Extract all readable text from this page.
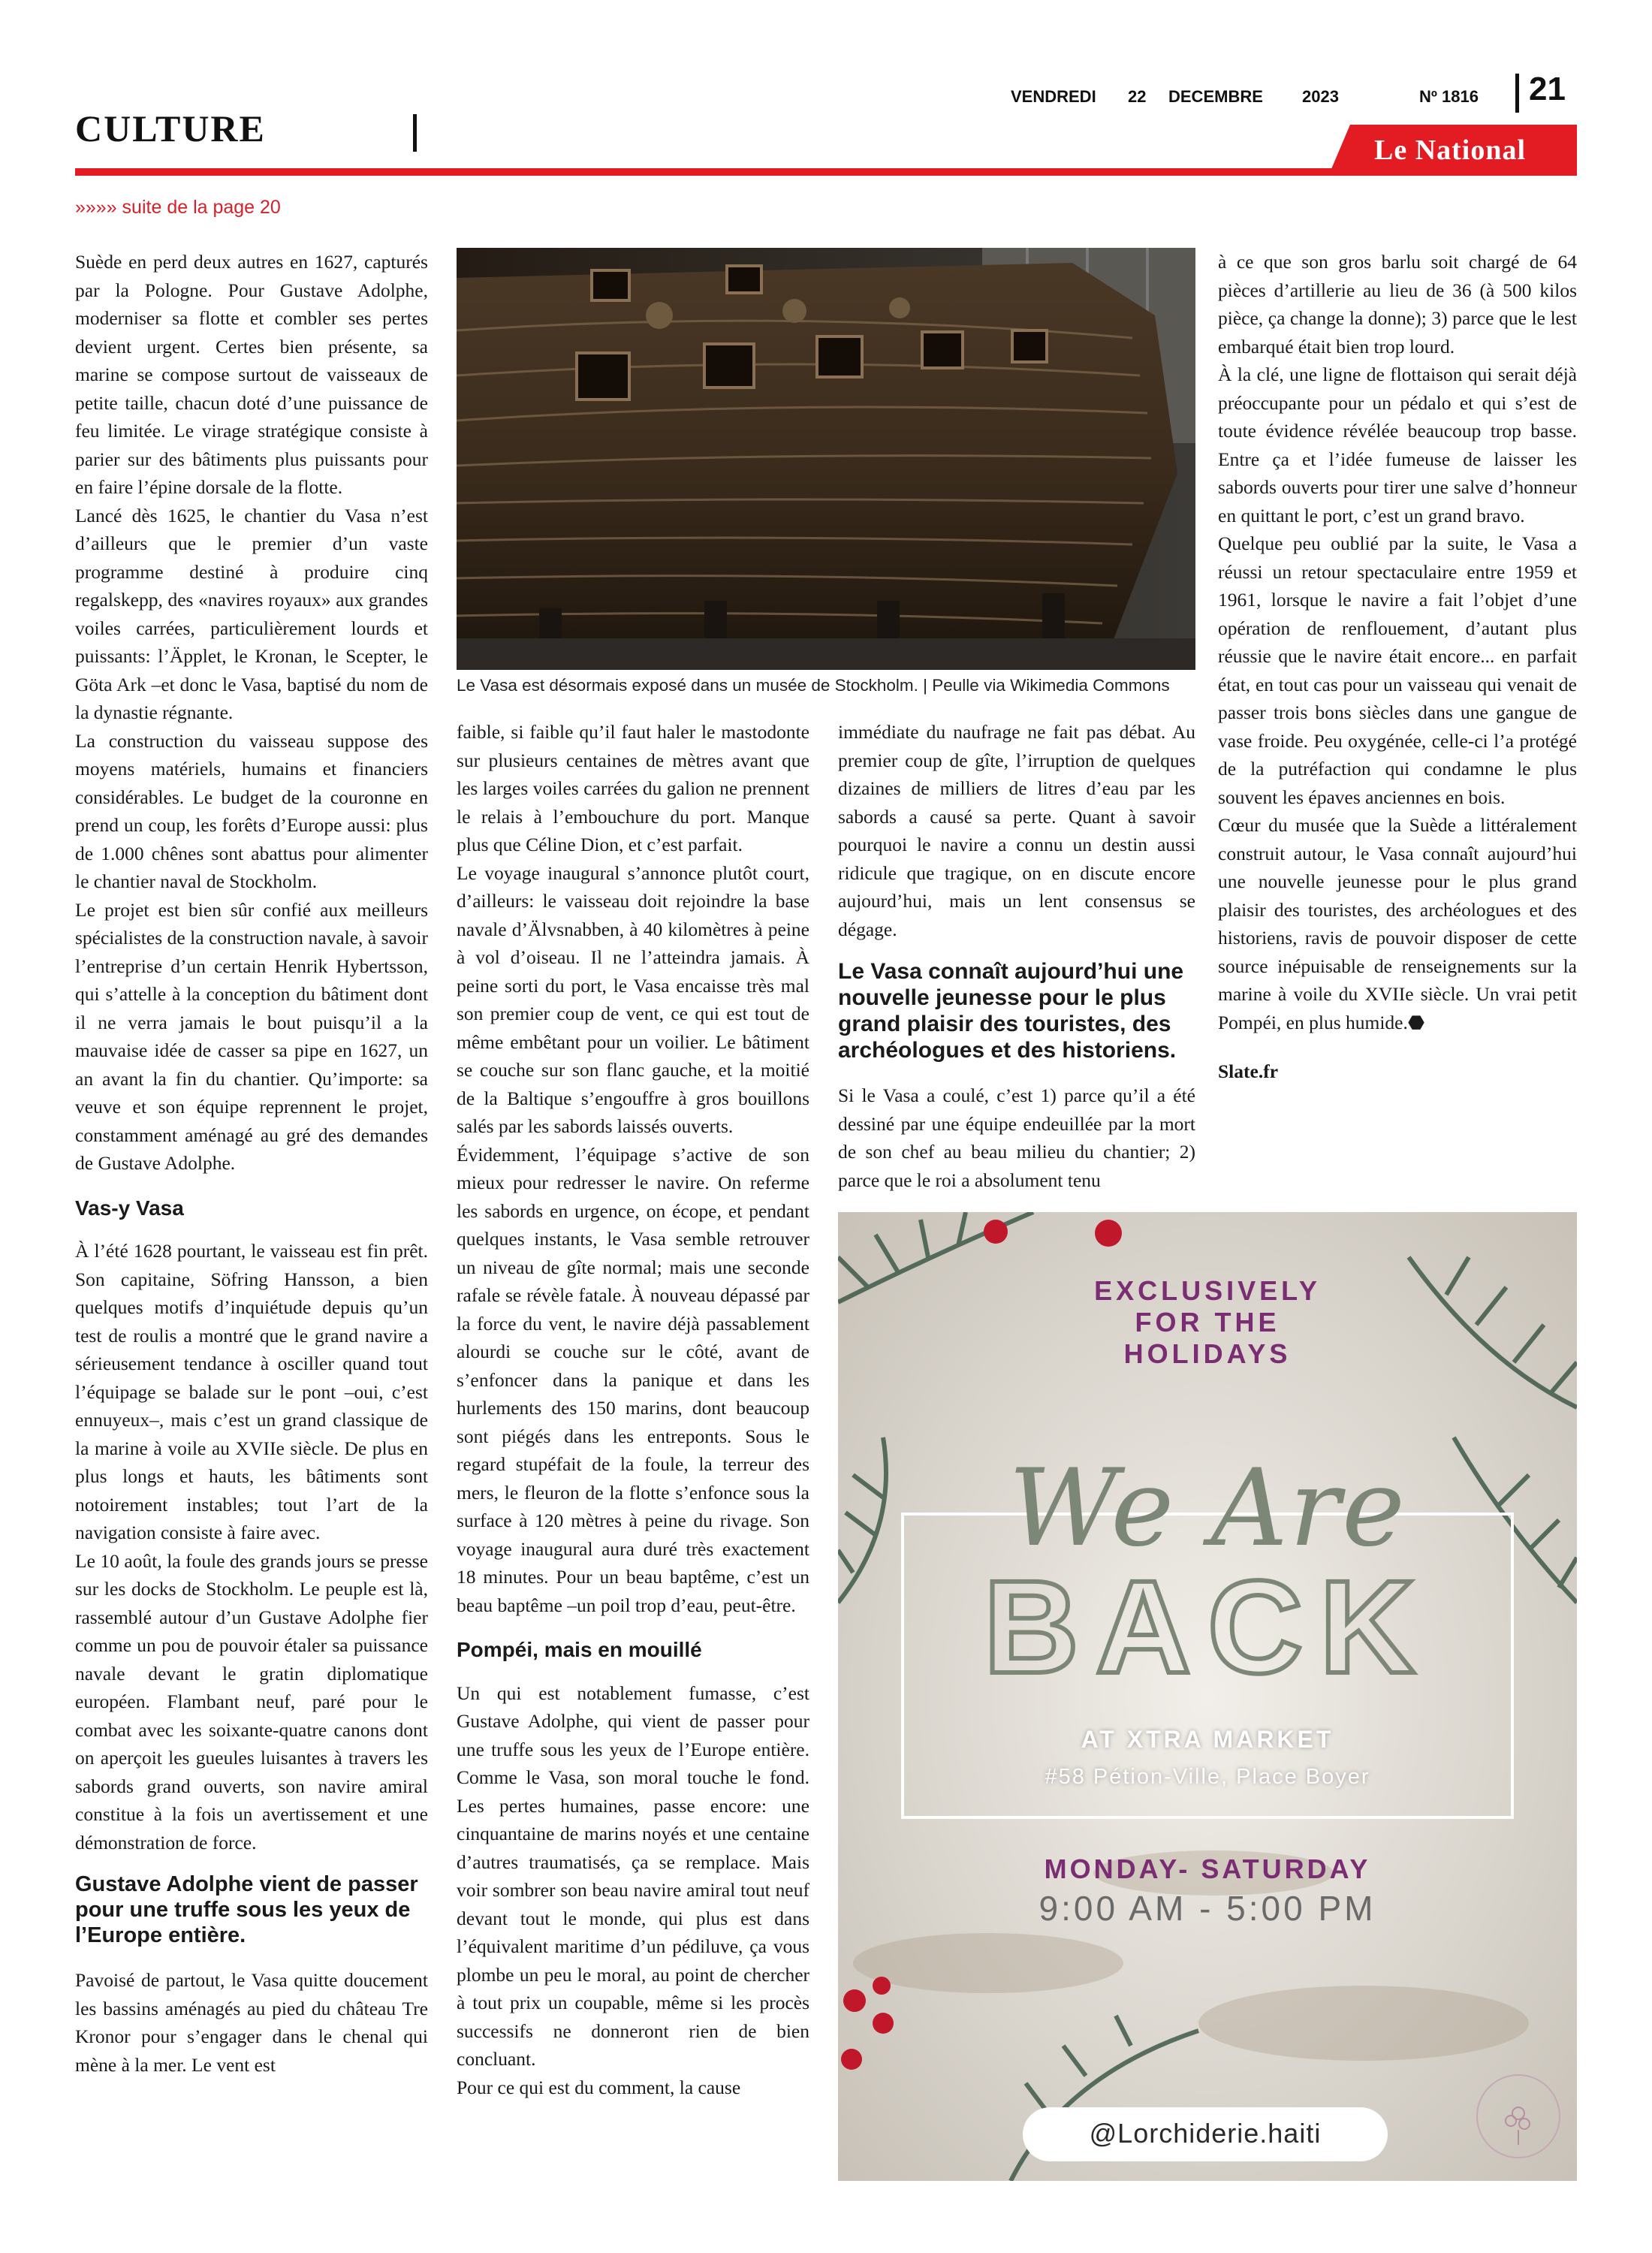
CULTURE
VENDREDI 22 DECEMBRE 2023	Nº 1816 21
Le National
»»»» suite de la page 20

Suède en perd deux autres en 1627, capturés par la Pologne. Pour Gustave Adolphe, moderniser sa flotte et combler ses pertes devient urgent. Certes bien présente, sa marine se compose surtout de vaisseaux de petite taille, chacun doté d’une puissance de feu limitée. Le virage stratégique consiste à parier sur des bâtiments plus puissants pour en faire l’épine dorsale de la flotte.

Lancé dès 1625, le chantier du Vasa n’est d’ailleurs que le premier d’un vaste programme destiné à produire cinq regalskepp, des «navires royaux» aux grandes voiles carrées, particulièrement lourds et puissants: l’Äpplet, le Kronan, le Scepter, le Göta Ark –et donc le Vasa, baptisé du nom de la dynastie régnante.

La construction du vaisseau suppose des moyens matériels, humains et financiers considérables. Le budget de la couronne en prend un coup, les forêts d’Europe aussi: plus de 1.000 chênes sont abattus pour alimenter le chantier naval de Stockholm.

Le projet est bien sûr confié aux meilleurs spécialistes de la construction navale, à savoir l’entreprise d’un certain Henrik Hybertsson, qui s’attelle à la conception du bâtiment dont il ne verra jamais le bout puisqu’il a la mauvaise idée de casser sa pipe en 1627, un an avant la fin du chantier. Qu’importe: sa veuve et son équipe reprennent le projet, constamment aménagé au gré des demandes de Gustave Adolphe.

Vas-y Vasa

À l’été 1628 pourtant, le vaisseau est fin prêt. Son capitaine, Söfring Hansson, a bien quelques motifs d’inquiétude depuis qu’un test de roulis a montré que le grand navire a sérieusement tendance à osciller quand tout l’équipage se balade sur le pont –oui, c’est ennuyeux–, mais c’est un grand classique de la marine à voile au XVIIe siècle. De plus en plus longs et hauts, les bâtiments sont notoirement instables; tout l’art de la navigation consiste à faire avec.

Le 10 août, la foule des grands jours se presse sur les docks de Stockholm. Le peuple est là, rassemblé autour d’un Gustave Adolphe fier comme un pou de pouvoir étaler sa puissance navale devant le gratin diplomatique européen. Flambant neuf, paré pour le combat avec les soixante-quatre canons dont on aperçoit les gueules luisantes à travers les sabords grand ouverts, son navire amiral constitue à la fois un avertissement et une démonstration de force.

Gustave Adolphe vient de passer pour une truffe sous les yeux de l’Europe entière.

Pavoisé de partout, le Vasa quitte doucement les bassins aménagés au pied du château Tre Kronor pour s’engager dans le chenal qui mène à la mer. Le vent est

Le Vasa est désormais exposé dans un musée de Stockholm. | Peulle via Wikimedia Commons

faible, si faible qu’il faut haler le mastodonte sur plusieurs centaines de mètres avant que les larges voiles carrées du galion ne prennent le relais à l’embouchure du port. Manque plus que Céline Dion, et c’est parfait.

Le voyage inaugural s’annonce plutôt court, d’ailleurs: le vaisseau doit rejoindre la base navale d’Älvsnabben, à 40 kilomètres à peine à vol d’oiseau. Il ne l’atteindra jamais. À peine sorti du port, le Vasa encaisse très mal son premier coup de vent, ce qui est tout de même embêtant pour un voilier. Le bâtiment se couche sur son flanc gauche, et la moitié de la Baltique s’engouffre à gros bouillons salés par les sabords laissés ouverts.

Évidemment, l’équipage s’active de son mieux pour redresser le navire. On referme les sabords en urgence, on écope, et pendant quelques instants, le Vasa semble retrouver un niveau de gîte normal; mais une seconde rafale se révèle fatale. À nouveau dépassé par la force du vent, le navire déjà passablement alourdi se couche sur le côté, avant de s’enfoncer dans la panique et dans les hurlements des 150 marins, dont beaucoup sont piégés dans les entreponts. Sous le regard stupéfait de la foule, la terreur des mers, le fleuron de la flotte s’enfonce sous la surface à 120 mètres à peine du rivage. Son voyage inaugural aura duré très exactement 18 minutes. Pour un beau baptême, c’est un beau baptême –un poil trop d’eau, peut-être.

Pompéi, mais en mouillé

Un qui est notablement fumasse, c’est Gustave Adolphe, qui vient de passer pour une truffe sous les yeux de l’Europe entière. Comme le Vasa, son moral touche le fond. Les pertes humaines, passe encore: une cinquantaine de marins noyés et une centaine d’autres traumatisés, ça se remplace. Mais voir sombrer son beau navire amiral tout neuf devant tout le monde, qui plus est dans l’équivalent maritime d’un pédiluve, ça vous plombe un peu le moral, au point de chercher à tout prix un coupable, même si les procès successifs ne donneront rien de bien concluant.

Pour ce qui est du comment, la cause

immédiate du naufrage ne fait pas débat. Au premier coup de gîte, l’irruption de quelques dizaines de milliers de litres d’eau par les sabords a causé sa perte. Quant à savoir pourquoi le navire a connu un destin aussi ridicule que tragique, on en discute encore aujourd’hui, mais un lent consensus se dégage.

Le Vasa connaît aujourd’hui une nouvelle jeunesse pour le plus grand plaisir des touristes, des archéologues et des historiens.

Si le Vasa a coulé, c’est 1) parce qu’il a été dessiné par une équipe endeuillée par la mort de son chef au beau milieu du chantier; 2) parce que le roi a absolument tenu

à ce que son gros barlu soit chargé de 64 pièces d’artillerie au lieu de 36 (à 500 kilos pièce, ça change la donne); 3) parce que le lest embarqué était bien trop lourd.

À la clé, une ligne de flottaison qui serait déjà préoccupante pour un pédalo et qui s’est de toute évidence révélée beaucoup trop basse. Entre ça et l’idée fumeuse de laisser les sabords ouverts pour tirer une salve d’honneur en quittant le port, c’est un grand bravo.

Quelque peu oublié par la suite, le Vasa a réussi un retour spectaculaire entre 1959 et 1961, lorsque le navire a fait l’objet d’une opération de renflouement, d’autant plus réussie que le navire était encore... en parfait état, en tout cas pour un vaisseau qui venait de passer trois bons siècles dans une gangue de vase froide. Peu oxygénée, celle-ci l’a protégé de la putréfaction qui condamne le plus souvent les épaves anciennes en bois.

Cœur du musée que la Suède a littéralement construit autour, le Vasa connaît aujourd’hui une nouvelle jeunesse pour le plus grand plaisir des touristes, des archéologues et des historiens, ravis de pouvoir disposer de cette source inépuisable de renseignements sur la marine à voile du XVIIe siècle. Un vrai petit Pompéi, en plus humide.⬣

Slate.fr

EXCLUSIVELY
FOR THE
HOLIDAYS
We Are
BACK
AT XTRA MARKET
#58 Pétion-Ville, Place Boyer
MONDAY- SATURDAY
9:00 AM - 5:00 PM
@Lorchiderie.haiti
